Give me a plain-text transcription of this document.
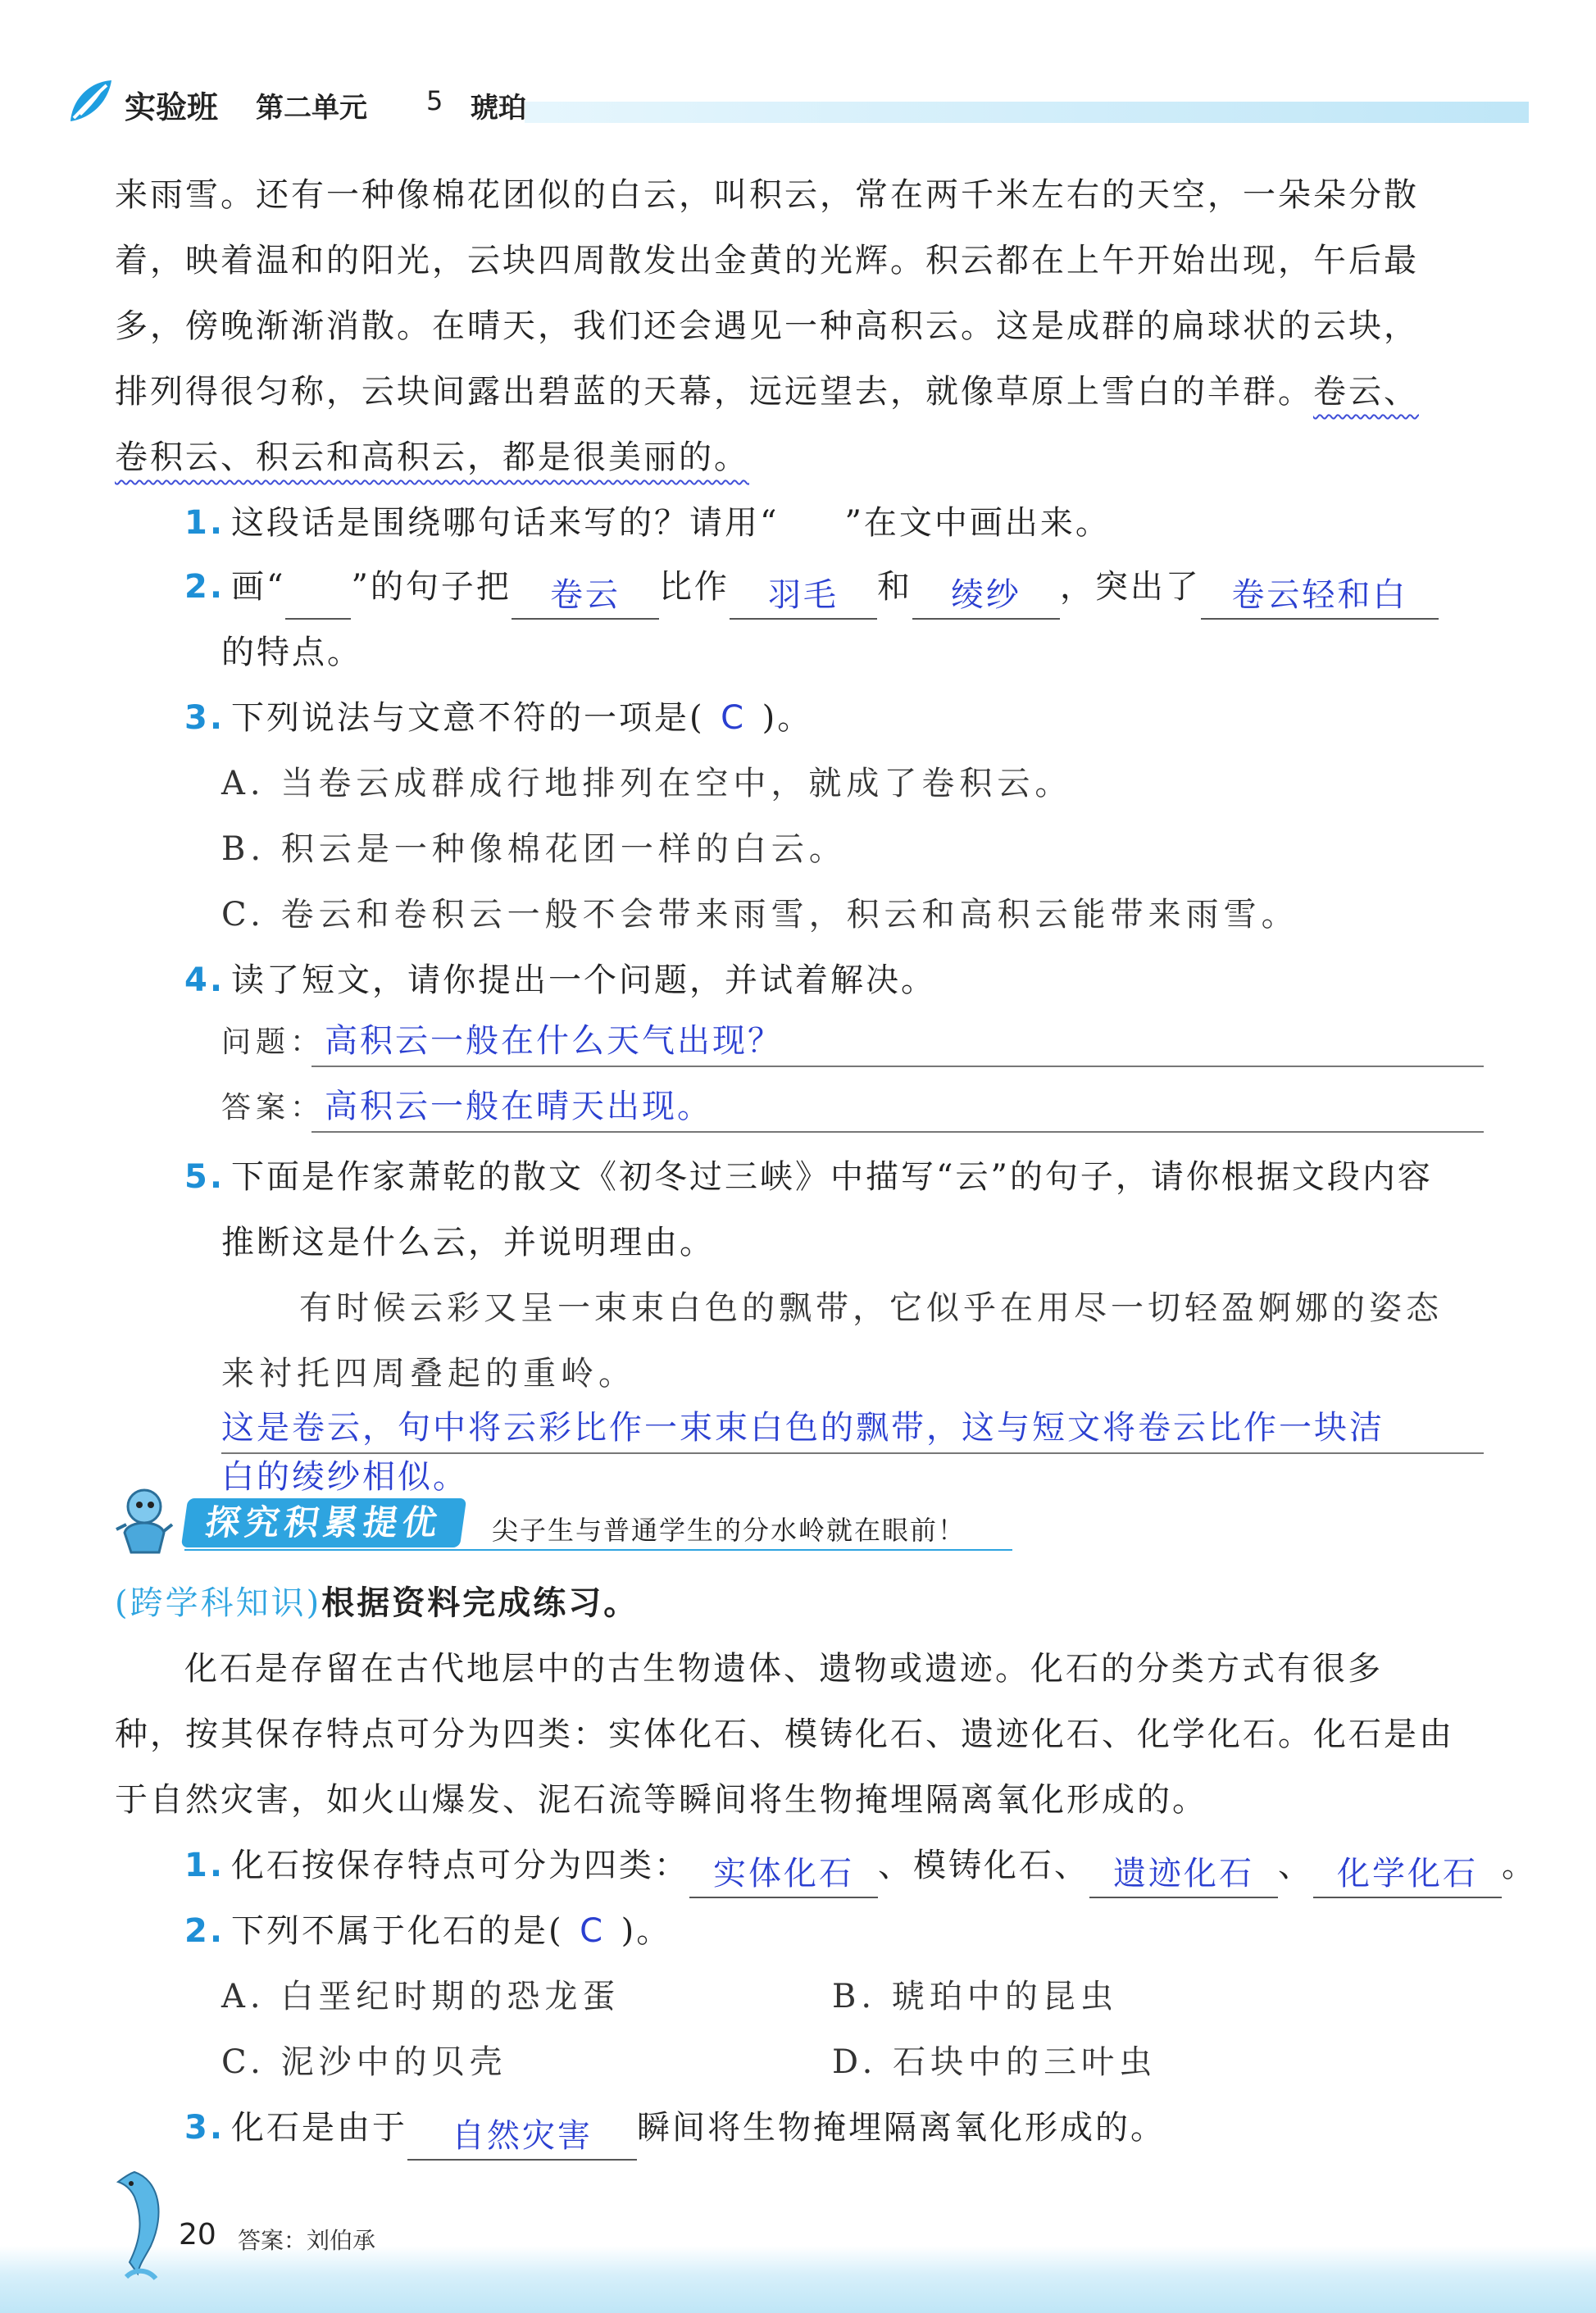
实验班 第二单元 5 琥珀
来雨雪。还有一种像棉花团似的白云，叫积云，常在两千米左右的天空，一朵朵分散
着，映着温和的阳光，云块四周散发出金黄的光辉。积云都在上午开始出现，午后最
多，傍晚渐渐消散。在晴天，我们还会遇见一种高积云。这是成群的扁球状的云块，
排列得很匀称，云块间露出碧蓝的天幕，远远望去，就像草原上雪白的羊群。卷云、
卷积云、积云和高积云，都是很美丽的。
1. 这段话是围绕哪句话来写的？请用“ ”在文中画出来。
2. 画“ ”的句子把 卷云 比作 羽毛 和 绫纱 ，突出了 卷云轻和白
的特点。
3. 下列说法与文意不符的一项是( C )。
A. 当卷云成群成行地排列在空中，就成了卷积云。
B. 积云是一种像棉花团一样的白云。
C. 卷云和卷积云一般不会带来雨雪，积云和高积云能带来雨雪。
4. 读了短文，请你提出一个问题，并试着解决。
问题：高积云一般在什么天气出现？
答案：高积云一般在晴天出现。
5. 下面是作家萧乾的散文《初冬过三峡》中描写“云”的句子，请你根据文段内容
推断这是什么云，并说明理由。
有时候云彩又呈一束束白色的飘带，它似乎在用尽一切轻盈婀娜的姿态
来衬托四周叠起的重岭。
这是卷云，句中将云彩比作一束束白色的飘带，这与短文将卷云比作一块洁
白的绫纱相似。
探究积累提优	尖子生与普通学生的分水岭就在眼前！
(跨学科知识)根据资料完成练习。
化石是存留在古代地层中的古生物遗体、遗物或遗迹。化石的分类方式有很多
种，按其保存特点可分为四类：实体化石、模铸化石、遗迹化石、化学化石。化石是由
于自然灾害，如火山爆发、泥石流等瞬间将生物掩埋隔离氧化形成的。
1. 化石按保存特点可分为四类： 实体化石 、模铸化石、 遗迹化石 、 化学化石 。
2. 下列不属于化石的是( C )。
A. 白垩纪时期的恐龙蛋	B. 琥珀中的昆虫
C. 泥沙中的贝壳	D. 石块中的三叶虫
3. 化石是由于 自然灾害 瞬间将生物掩埋隔离氧化形成的。
20 答案：刘伯承
